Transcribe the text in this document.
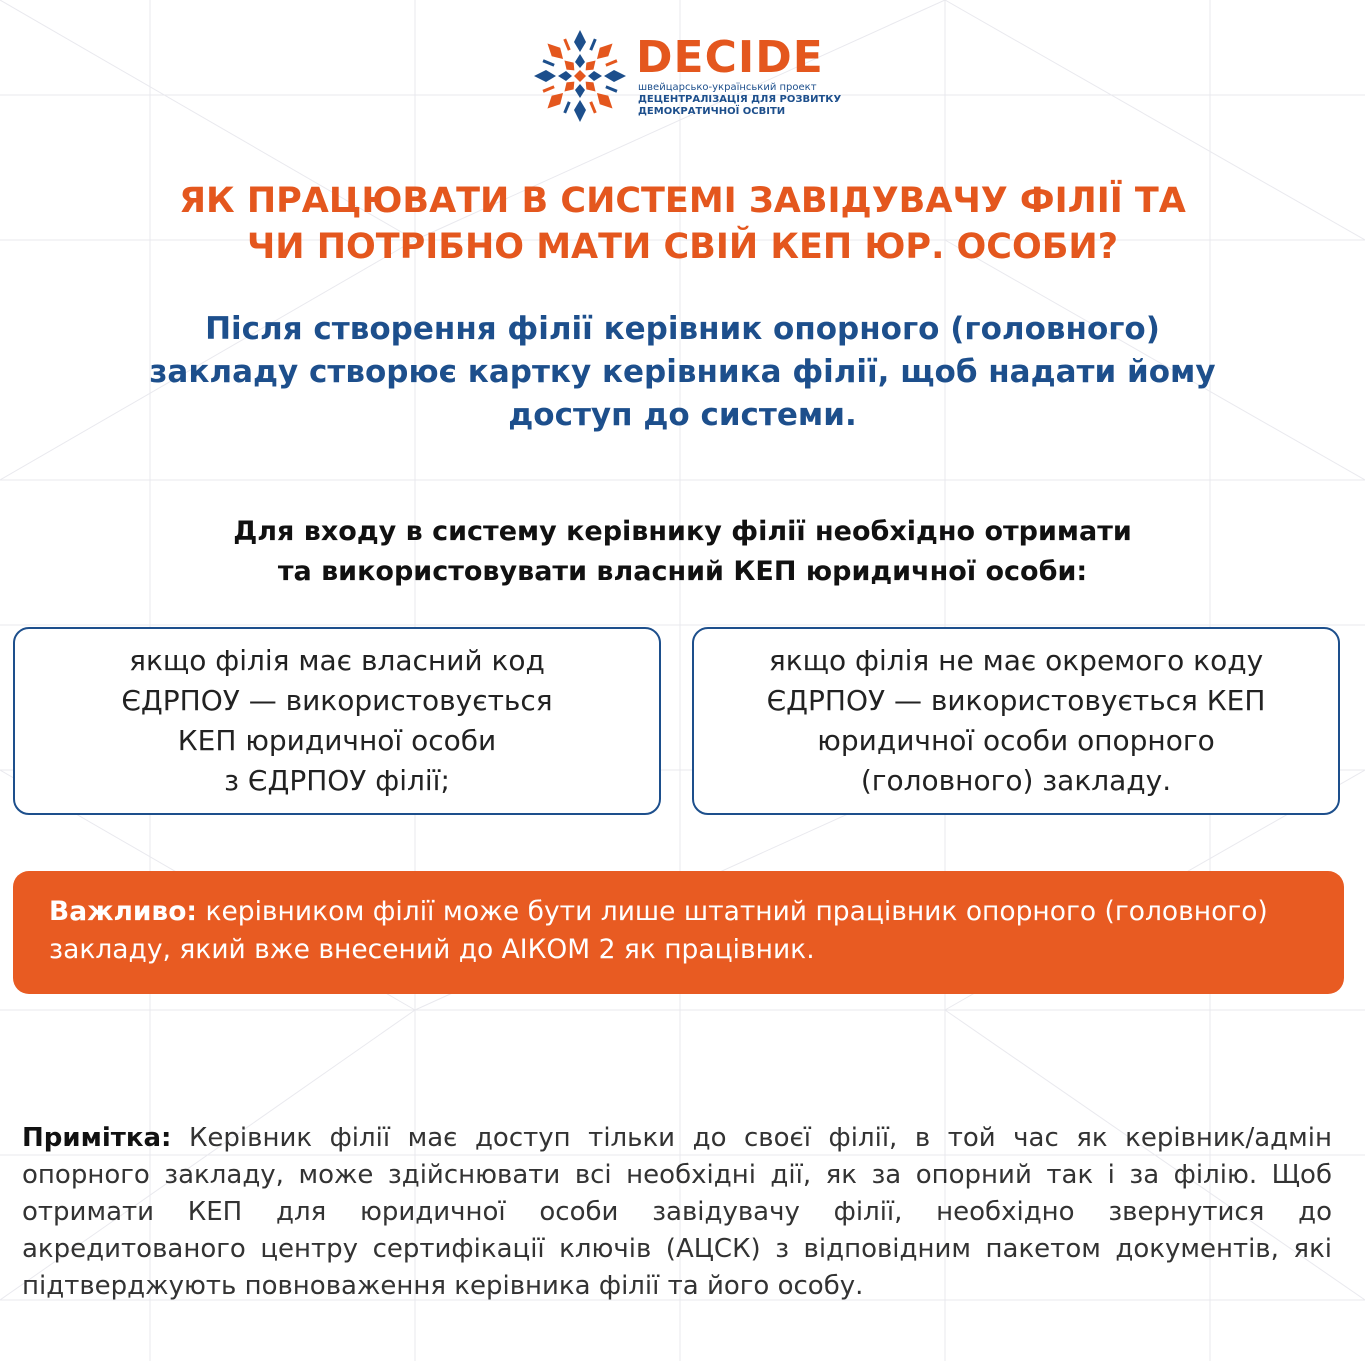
DECIDE
швейцарсько-український проект
ДЕЦЕНТРАЛІЗАЦІЯ ДЛЯ РОЗВИТКУ
ДЕМОКРАТИЧНОЇ ОСВІТИ
ЯК ПРАЦЮВАТИ В СИСТЕМІ ЗАВІДУВАЧУ ФІЛІЇ ТА
ЧИ ПОТРІБНО МАТИ СВІЙ КЕП ЮР. ОСОБИ?
Після створення філії керівник опорного (головного)
закладу створює картку керівника філії, щоб надати йому
доступ до системи.
Для входу в систему керівнику філії необхідно отримати
та використовувати власний КЕП юридичної особи:
якщо філія має власний код
ЄДРПОУ — використовується
КЕП юридичної особи
з ЄДРПОУ філії;
якщо філія не має окремого коду
ЄДРПОУ — використовується КЕП
юридичної особи опорного
(головного) закладу.
Важливо: керівником філії може бути лише штатний працівник опорного (головного) закладу, який вже внесений до АІКОМ 2 як працівник.
Примітка: Керівник філії має доступ тільки до своєї філії, в той час як керівник/адмін опорного закладу, може здійснювати всі необхідні дії, як за опорний так і за філію. Щоб отримати КЕП для юридичної особи завідувачу філії, необхідно звернутися до акредитованого центру сертифікації ключів (АЦСК) з відповідним пакетом документів, які підтверджують повноваження керівника філії та його особу.
